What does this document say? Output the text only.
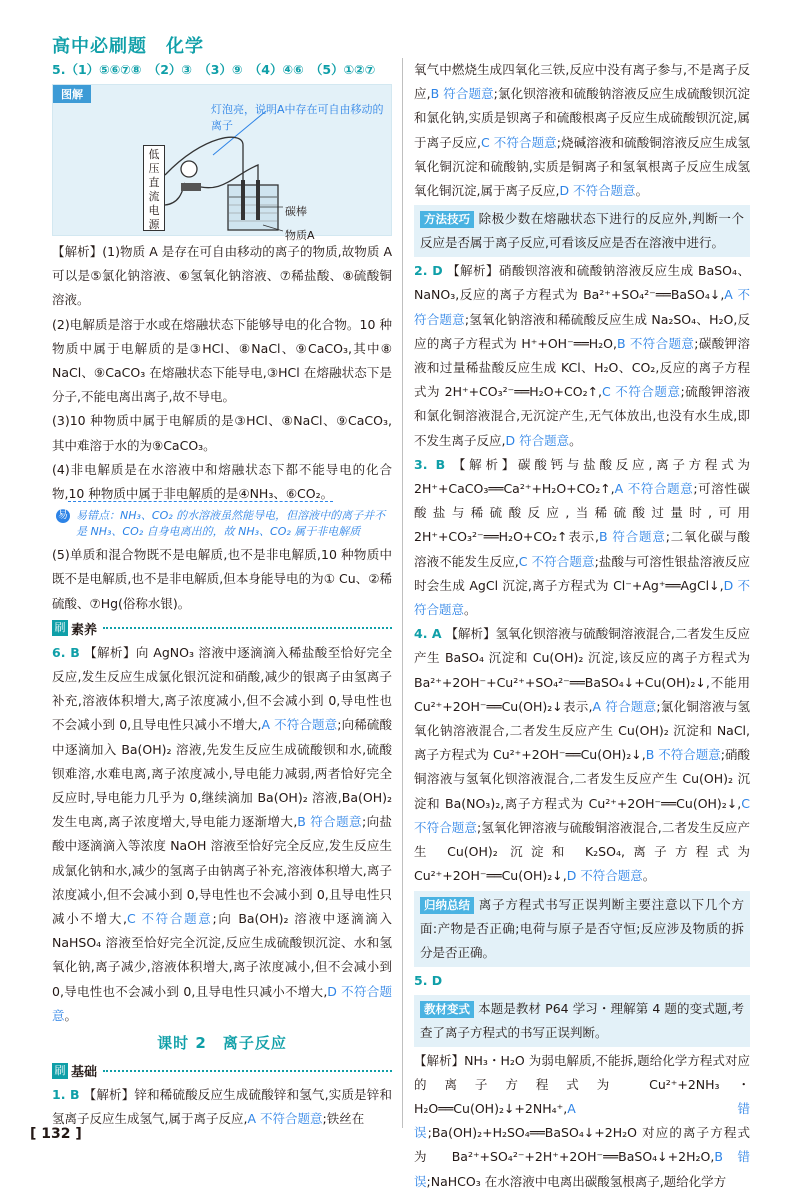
高中必刷题　化学
5.（1）⑤⑥⑦⑧　（2）③　（3）⑨　（4）④⑥　（5）①②⑦
图解
灯泡亮，说明A中存在可自由移动的离子
低
压
直
流
电
源
碳棒
物质A

【解析】(1)物质 A 是存在可自由移动的离子的物质,故物质 A 可以是⑤氯化钠溶液、⑥氢氧化钠溶液、⑦稀盐酸、⑧硫酸铜溶液。

(2)电解质是溶于水或在熔融状态下能够导电的化合物。10 种物质中属于电解质的是③HCl、⑧NaCl、⑨CaCO₃,其中⑧ NaCl、⑨CaCO₃ 在熔融状态下能导电,③HCl 在熔融状态下是分子,不能电离出离子,故不导电。

(3)10 种物质中属于电解质的是③HCl、⑧NaCl、⑨CaCO₃,其中难溶于水的为⑨CaCO₃。

(4)非电解质是在水溶液中和熔融状态下都不能导电的化合物,10 种物质中属于非电解质的是④NH₃、⑥CO₂。

易 易错点：NH₃、CO₂ 的水溶液虽然能导电，但溶液中的离子并不是 NH₃、CO₂ 自身电离出的，故 NH₃、CO₂ 属于非电解质

(5)单质和混合物既不是电解质,也不是非电解质,10 种物质中既不是电解质,也不是非电解质,但本身能导电的为① Cu、②稀硫酸、⑦Hg(俗称水银)。

刷 素养

6. B 【解析】向 AgNO₃ 溶液中逐滴滴入稀盐酸至恰好完全反应,发生反应生成氯化银沉淀和硝酸,减少的银离子由氢离子补充,溶液体积增大,离子浓度减小,但不会减小到 0,导电性也不会减小到 0,且导电性只减小不增大,A 不符合题意;向稀硫酸中逐滴加入 Ba(OH)₂ 溶液,先发生反应生成硫酸钡和水,硫酸钡难溶,水难电离,离子浓度减小,导电能力减弱,两者恰好完全反应时,导电能力几乎为 0,继续滴加 Ba(OH)₂ 溶液,Ba(OH)₂ 发生电离,离子浓度增大,导电能力逐渐增大,B 符合题意;向盐酸中逐滴滴入等浓度 NaOH 溶液至恰好完全反应,发生反应生成氯化钠和水,减少的氢离子由钠离子补充,溶液体积增大,离子浓度减小,但不会减小到 0,导电性也不会减小到 0,且导电性只减小不增大,C 不符合题意;向 Ba(OH)₂ 溶液中逐滴滴入 NaHSO₄ 溶液至恰好完全沉淀,反应生成硫酸钡沉淀、水和氢氧化钠,离子减少,溶液体积增大,离子浓度减小,但不会减小到 0,导电性也不会减小到 0,且导电性只减小不增大,D 不符合题意。

课时 2　离子反应
刷 基础

1. B 【解析】锌和稀硫酸反应生成硫酸锌和氢气,实质是锌和氢离子反应生成氢气,属于离子反应,A 不符合题意;铁丝在

氧气中燃烧生成四氧化三铁,反应中没有离子参与,不是离子反应,B 符合题意;氯化钡溶液和硫酸钠溶液反应生成硫酸钡沉淀和氯化钠,实质是钡离子和硫酸根离子反应生成硫酸钡沉淀,属于离子反应,C 不符合题意;烧碱溶液和硫酸铜溶液反应生成氢氧化铜沉淀和硫酸钠,实质是铜离子和氢氧根离子反应生成氢氧化铜沉淀,属于离子反应,D 不符合题意。

方法技巧 除极少数在熔融状态下进行的反应外,判断一个反应是否属于离子反应,可看该反应是否在溶液中进行。

2. D 【解析】硝酸钡溶液和硫酸钠溶液反应生成 BaSO₄、NaNO₃,反应的离子方程式为 Ba²⁺+SO₄²⁻══BaSO₄↓,A 不符合题意;氢氧化钠溶液和稀硫酸反应生成 Na₂SO₄、H₂O,反应的离子方程式为 H⁺+OH⁻══H₂O,B 不符合题意;碳酸钾溶液和过量稀盐酸反应生成 KCl、H₂O、CO₂,反应的离子方程式为 2H⁺+CO₃²⁻══H₂O+CO₂↑,C 不符合题意;硫酸钾溶液和氯化铜溶液混合,无沉淀产生,无气体放出,也没有水生成,即不发生离子反应,D 符合题意。

3. B 【解析】碳酸钙与盐酸反应,离子方程式为 2H⁺+CaCO₃══Ca²⁺+H₂O+CO₂↑,A 不符合题意;可溶性碳酸盐与稀硫酸反应,当稀硫酸过量时,可用 2H⁺+CO₃²⁻══H₂O+CO₂↑表示,B 符合题意;二氧化碳与酸溶液不能发生反应,C 不符合题意;盐酸与可溶性银盐溶液反应时会生成 AgCl 沉淀,离子方程式为 Cl⁻+Ag⁺══AgCl↓,D 不符合题意。

4. A 【解析】氢氧化钡溶液与硫酸铜溶液混合,二者发生反应产生 BaSO₄ 沉淀和 Cu(OH)₂ 沉淀,该反应的离子方程式为 Ba²⁺+2OH⁻+Cu²⁺+SO₄²⁻══BaSO₄↓+Cu(OH)₂↓,不能用 Cu²⁺+2OH⁻══Cu(OH)₂↓表示,A 符合题意;氯化铜溶液与氢氧化钠溶液混合,二者发生反应产生 Cu(OH)₂ 沉淀和 NaCl,离子方程式为 Cu²⁺+2OH⁻══Cu(OH)₂↓,B 不符合题意;硝酸铜溶液与氢氧化钡溶液混合,二者发生反应产生 Cu(OH)₂ 沉淀和 Ba(NO₃)₂,离子方程式为 Cu²⁺+2OH⁻══Cu(OH)₂↓,C 不符合题意;氢氧化钾溶液与硫酸铜溶液混合,二者发生反应产生 Cu(OH)₂ 沉淀和 K₂SO₄,离子方程式为 Cu²⁺+2OH⁻══Cu(OH)₂↓,D 不符合题意。

归纳总结 离子方程式书写正误判断主要注意以下几个方面:产物是否正确;电荷与原子是否守恒;反应涉及物质的拆分是否正确。

5. D

教材变式 本题是教材 P64 学习・理解第 4 题的变式题,考查了离子方程式的书写正误判断。

【解析】NH₃・H₂O 为弱电解质,不能拆,题给化学方程式对应的离子方程式为 Cu²⁺+2NH₃・H₂O══Cu(OH)₂↓+2NH₄⁺,A 错误;Ba(OH)₂+H₂SO₄══BaSO₄↓+2H₂O 对应的离子方程式为 Ba²⁺+SO₄²⁻+2H⁺+2OH⁻══BaSO₄↓+2H₂O,B 错误;NaHCO₃ 在水溶液中电离出碳酸氢根离子,题给化学方

[ 132 ]
